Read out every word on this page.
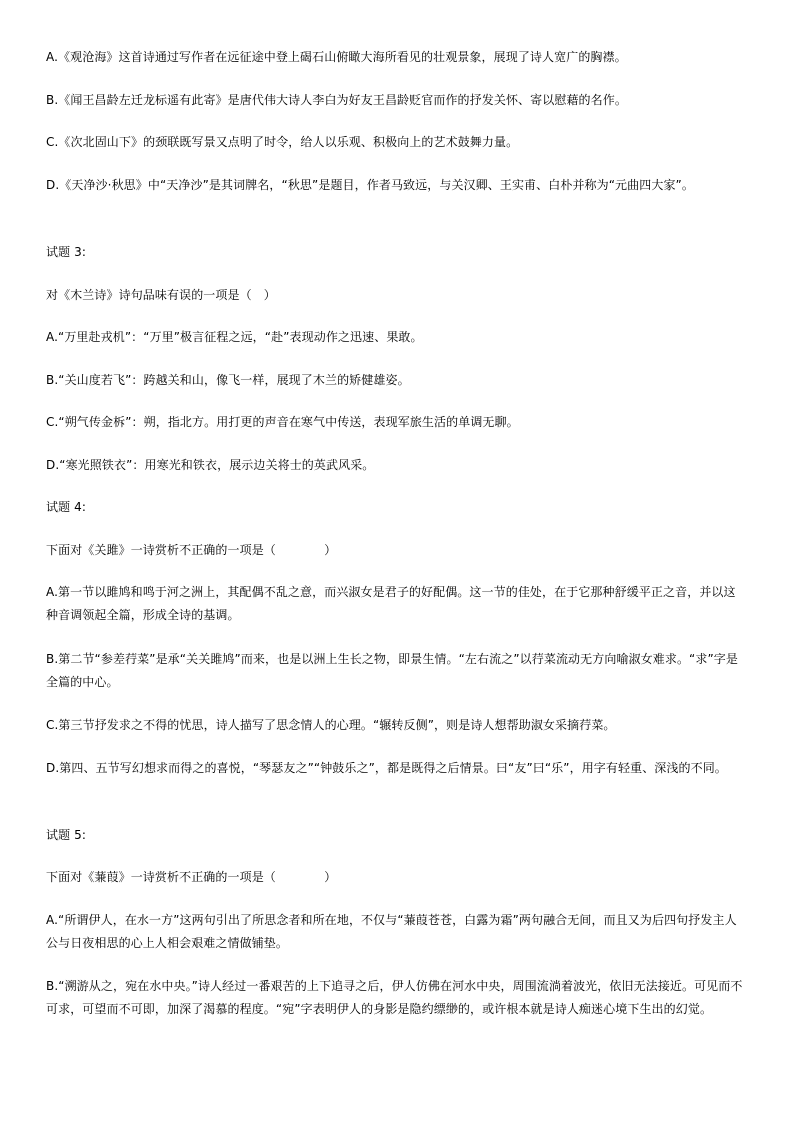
A.《观沧海》这首诗通过写作者在远征途中登上碣石山俯瞰大海所看见的壮观景象，展现了诗人宽广的胸襟。

B.《闻王昌龄左迁龙标遥有此寄》是唐代伟大诗人李白为好友王昌龄贬官而作的抒发关怀、寄以慰藉的名作。

C.《次北固山下》的颈联既写景又点明了时令，给人以乐观、积极向上的艺术鼓舞力量。

D.《天净沙·秋思》中“天净沙”是其词牌名，“秋思”是题目，作者马致远，与关汉卿、王实甫、白朴并称为“元曲四大家”。

试题 3:

对《木兰诗》诗句品味有误的一项是（　）

A.“万里赴戎机”：“万里”极言征程之远，“赴”表现动作之迅速、果敢。

B.“关山度若飞”：跨越关和山，像飞一样，展现了木兰的矫健雄姿。

C.“朔气传金柝”：朔，指北方。用打更的声音在寒气中传送，表现军旅生活的单调无聊。

D.“寒光照铁衣”：用寒光和铁衣，展示边关将士的英武风采。

试题 4:

下面对《关雎》一诗赏析不正确的一项是（　　　　）

A.第一节以雎鸠和鸣于河之洲上，其配偶不乱之意，而兴淑女是君子的好配偶。这一节的佳处，在于它那种舒缓平正之音，并以这种音调领起全篇，形成全诗的基调。

B.第二节“参差荇菜”是承“关关雎鸠”而来，也是以洲上生长之物，即景生情。“左右流之”以荇菜流动无方向喻淑女难求。“求”字是全篇的中心。

C.第三节抒发求之不得的忧思，诗人描写了思念情人的心理。“辗转反侧”，则是诗人想帮助淑女采摘荇菜。

D.第四、五节写幻想求而得之的喜悦，“琴瑟友之”“钟鼓乐之”，都是既得之后情景。曰“友”曰“乐”，用字有轻重、深浅的不同。

试题 5:

下面对《蒹葭》一诗赏析不正确的一项是（　　　　）

A.“所谓伊人，在水一方”这两句引出了所思念者和所在地，不仅与“蒹葭苍苍，白露为霜”两句融合无间，而且又为后四句抒发主人公与日夜相思的心上人相会艰难之情做铺垫。

B.“溯游从之，宛在水中央。”诗人经过一番艰苦的上下追寻之后，伊人仿佛在河水中央，周围流淌着波光，依旧无法接近。可见而不可求，可望而不可即，加深了渴慕的程度。“宛”字表明伊人的身影是隐约缥缈的，或许根本就是诗人痴迷心境下生出的幻觉。
